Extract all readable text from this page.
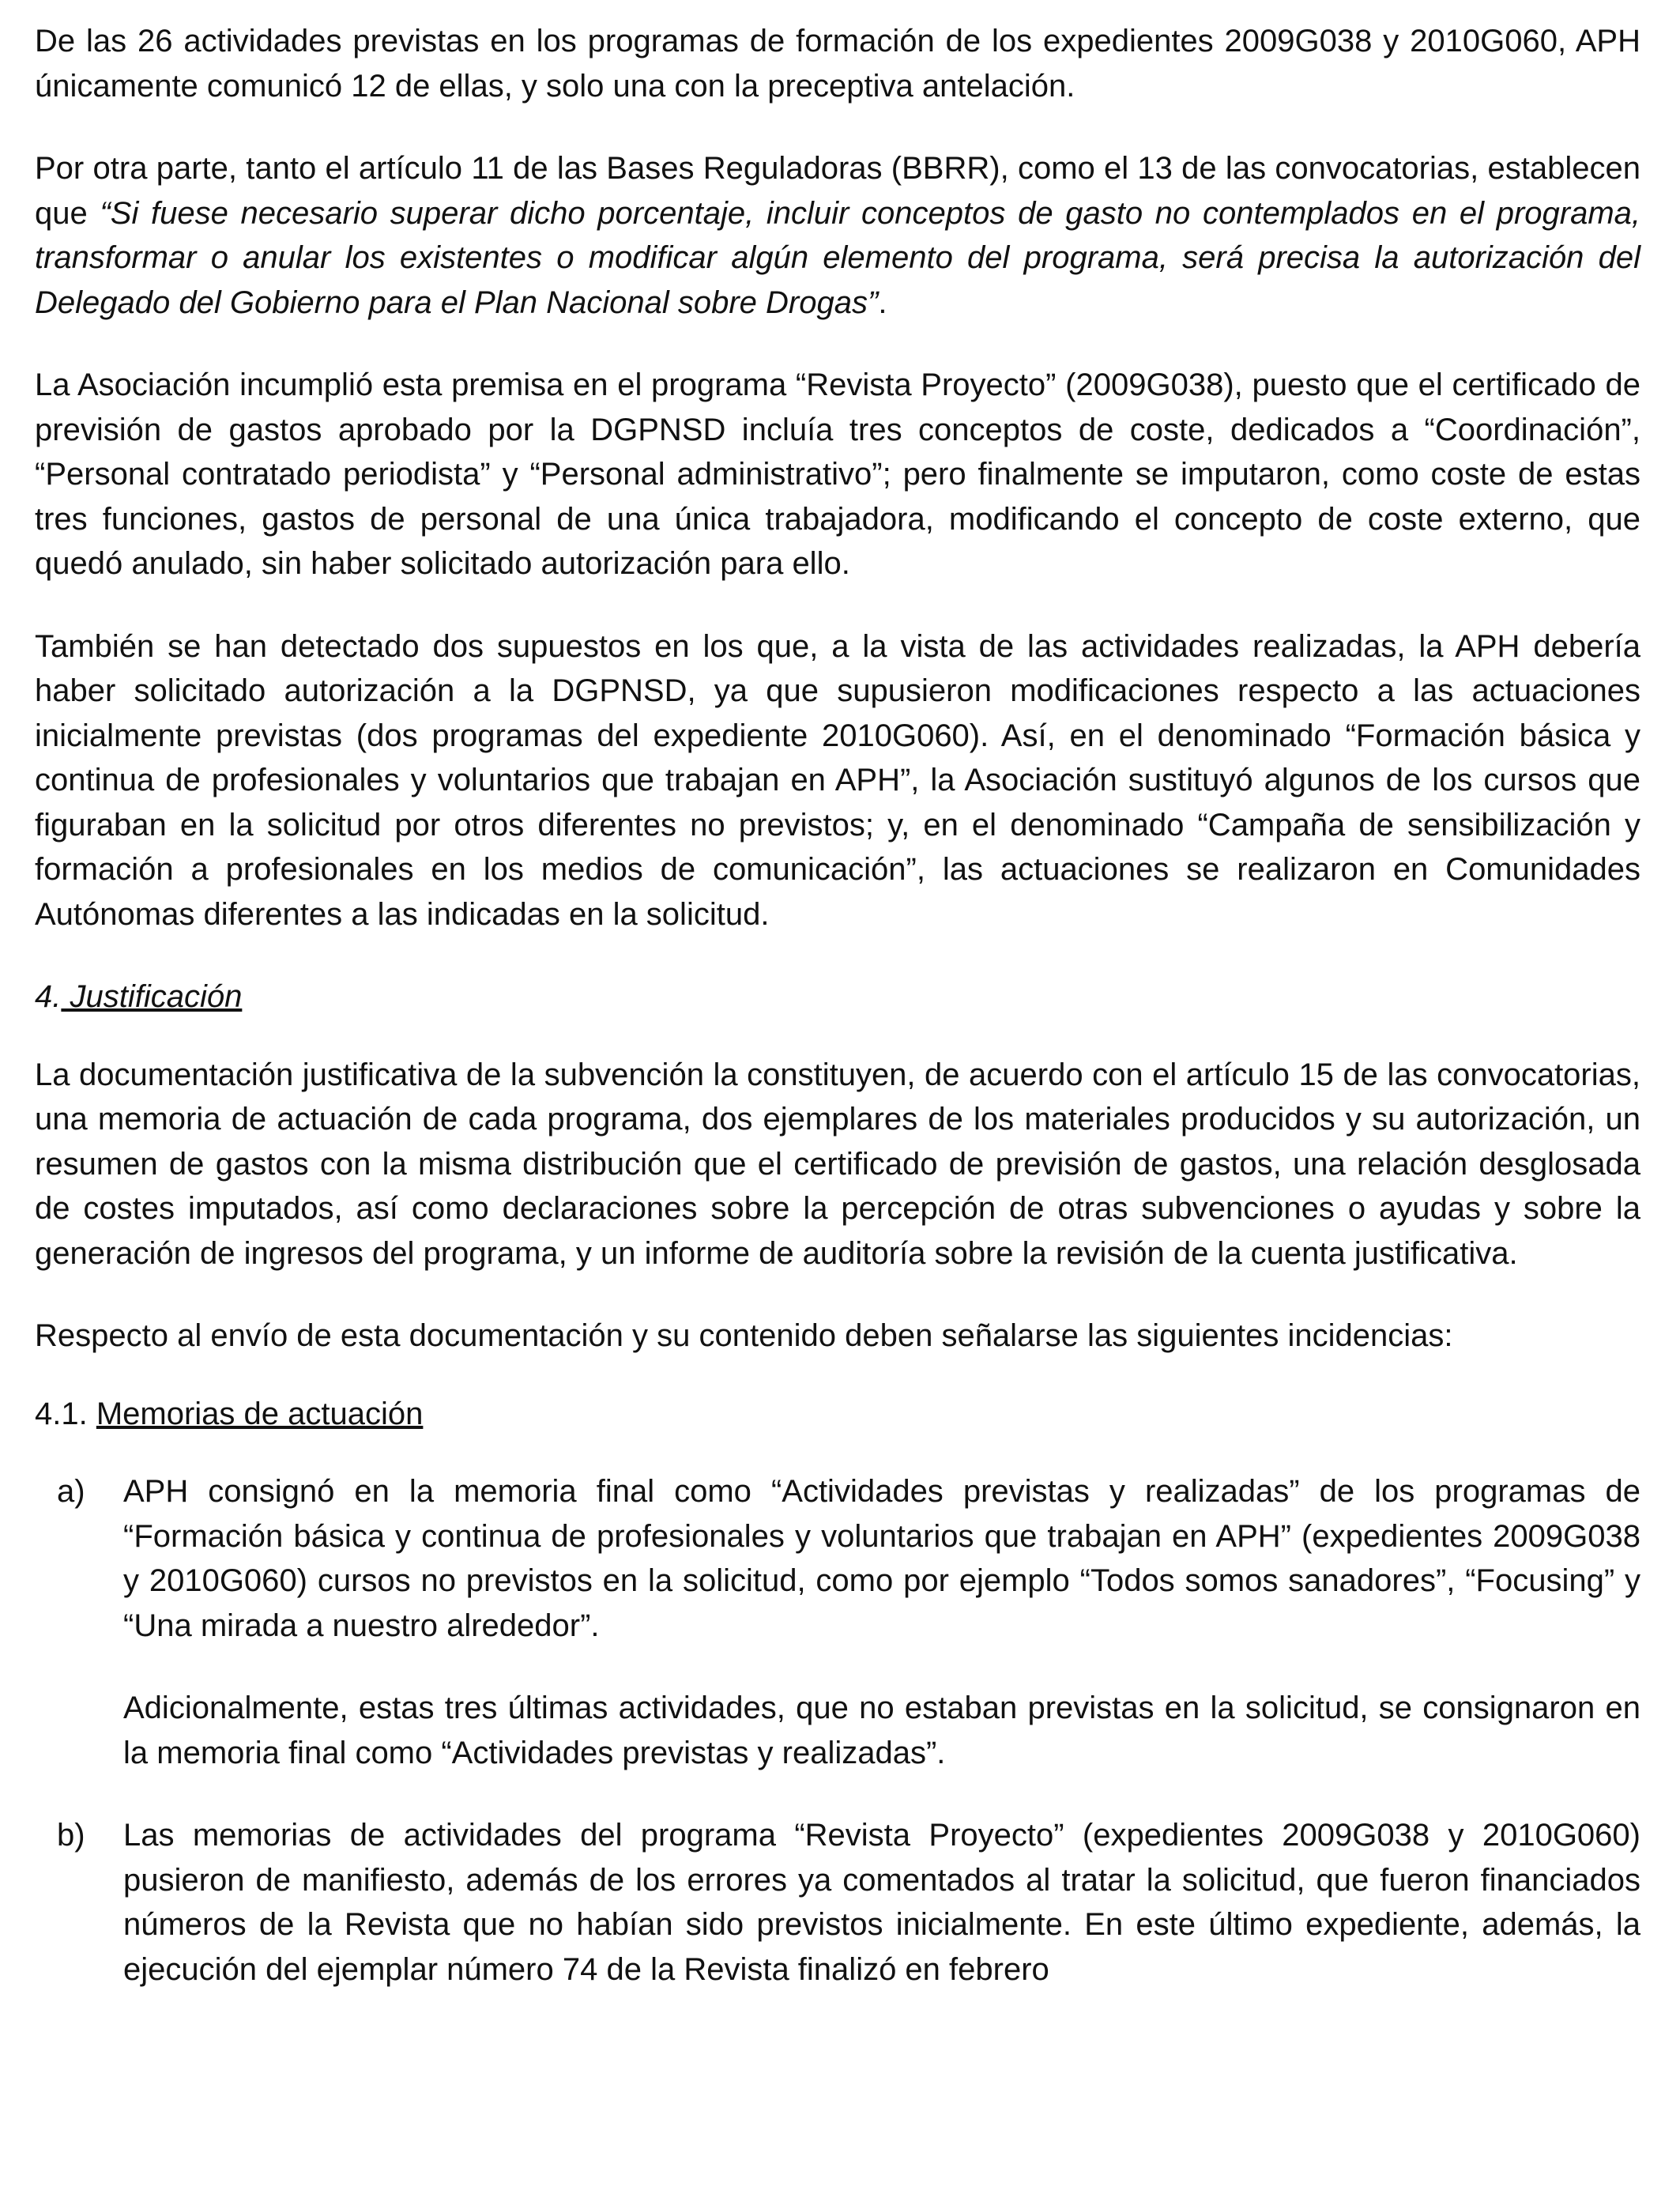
De las 26 actividades previstas en los programas de formación de los expedientes 2009G038 y 2010G060, APH únicamente comunicó 12 de ellas, y solo una con la preceptiva antelación.

Por otra parte, tanto el artículo 11 de las Bases Reguladoras (BBRR), como el 13 de las convocatorias, establecen que “Si fuese necesario superar dicho porcentaje, incluir conceptos de gasto no contemplados en el programa, transformar o anular los existentes o modificar algún elemento del programa, será precisa la autorización del Delegado del Gobierno para el Plan Nacional sobre Drogas”.

La Asociación incumplió esta premisa en el programa “Revista Proyecto” (2009G038), puesto que el certificado de previsión de gastos aprobado por la DGPNSD incluía tres conceptos de coste, dedicados a “Coordinación”, “Personal contratado periodista” y “Personal administrativo”; pero finalmente se imputaron, como coste de estas tres funciones, gastos de personal de una única trabajadora, modificando el concepto de coste externo, que quedó anulado, sin haber solicitado autorización para ello.

También se han detectado dos supuestos en los que, a la vista de las actividades realizadas, la APH debería haber solicitado autorización a la DGPNSD, ya que supusieron modificaciones respecto a las actuaciones inicialmente previstas (dos programas del expediente 2010G060). Así, en el denominado “Formación básica y continua de profesionales y voluntarios que trabajan en APH”, la Asociación sustituyó algunos de los cursos que figuraban en la solicitud por otros diferentes no previstos; y, en el denominado “Campaña de sensibilización y formación a profesionales en los medios de comunicación”, las actuaciones se realizaron en Comunidades Autónomas diferentes a las indicadas en la solicitud.

4. Justificación

La documentación justificativa de la subvención la constituyen, de acuerdo con el artículo 15 de las convocatorias, una memoria de actuación de cada programa, dos ejemplares de los materiales producidos y su autorización, un resumen de gastos con la misma distribución que el certificado de previsión de gastos, una relación desglosada de costes imputados, así como declaraciones sobre la percepción de otras subvenciones o ayudas y sobre la generación de ingresos del programa, y un informe de auditoría sobre la revisión de la cuenta justificativa.

Respecto al envío de esta documentación y su contenido deben señalarse las siguientes incidencias:

4.1. Memorias de actuación

a) APH consignó en la memoria final como “Actividades previstas y realizadas” de los programas de “Formación básica y continua de profesionales y voluntarios que trabajan en APH” (expedientes 2009G038 y 2010G060) cursos no previstos en la solicitud, como por ejemplo “Todos somos sanadores”, “Focusing” y “Una mirada a nuestro alrededor”.

Adicionalmente, estas tres últimas actividades, que no estaban previstas en la solicitud, se consignaron en la memoria final como “Actividades previstas y realizadas”.

b) Las memorias de actividades del programa “Revista Proyecto” (expedientes 2009G038 y 2010G060) pusieron de manifiesto, además de los errores ya comentados al tratar la solicitud, que fueron financiados números de la Revista que no habían sido previstos inicialmente. En este último expediente, además, la ejecución del ejemplar número 74 de la Revista finalizó en febrero
